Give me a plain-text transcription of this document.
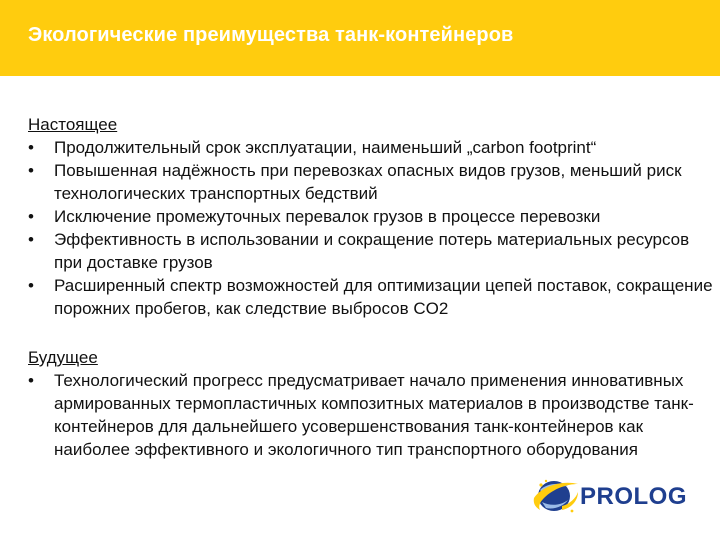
Экологические преимущества танк-контейнеров

Настоящее

• Продолжительный срок эксплуатации, наименьший „carbon footprint“
• Повышенная надёжность при перевозках опасных видов грузов, меньший риск технологических транспортных бедствий
• Исключение промежуточных перевалок грузов в процессе перевозки
• Эффективность в использовании и сокращение потерь материальных ресурсов при доставке грузов
• Расширенный спектр возможностей для оптимизации цепей поставок, сокращение порожних пробегов, как следствие выбросов CO2

Будущее

• Технологический прогресс предусматривает начало применения инновативных армированных термопластичных композитных материалов в производстве танк-контейнеров для дальнейшего усовершенствования танк-контейнеров как наиболее эффективного и экологичного тип транспортного оборудования
PROLOG
